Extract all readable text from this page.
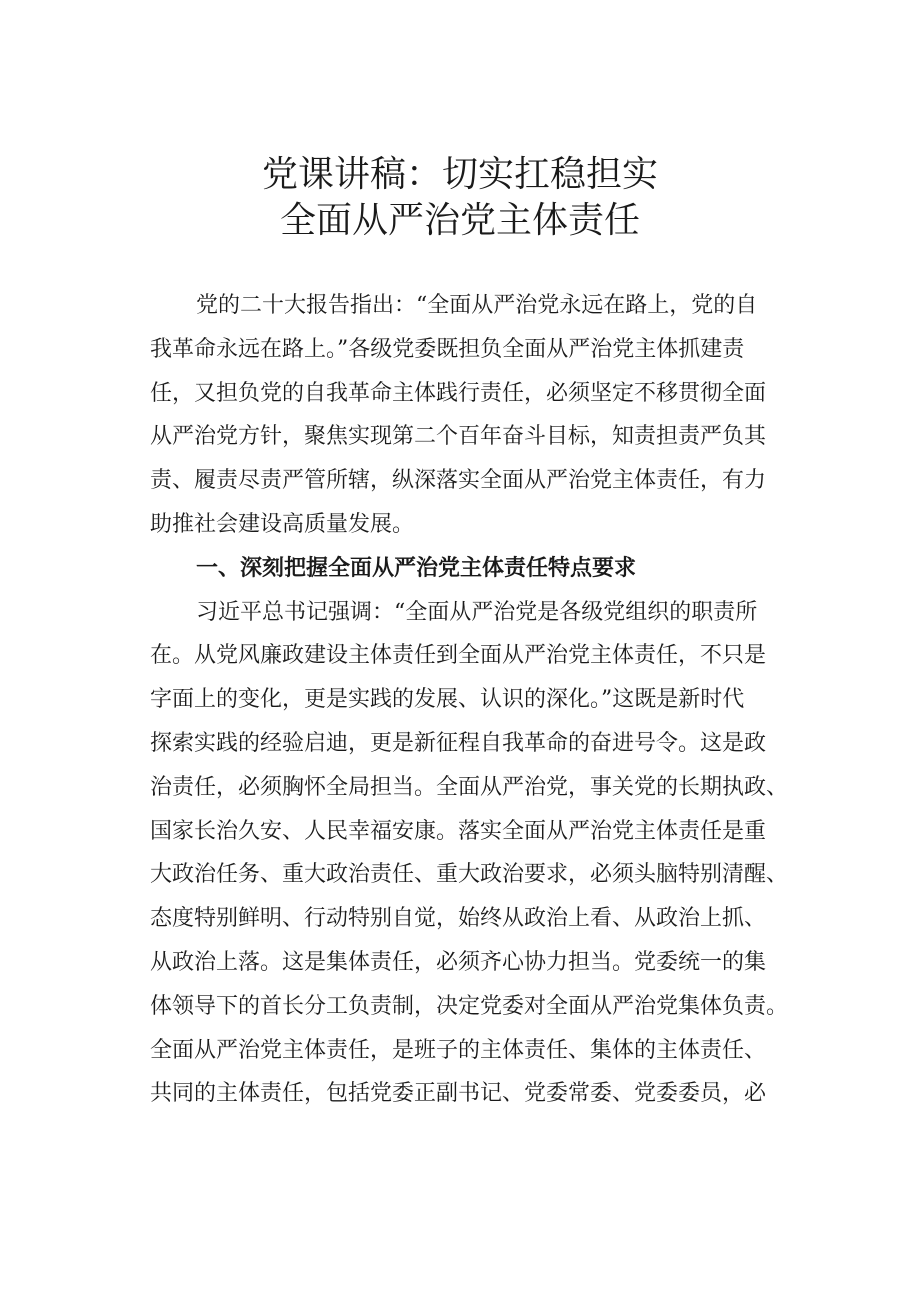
党课讲稿：切实扛稳担实
全面从严治党主体责任
党的二十大报告指出：“全面从严治党永远在路上，党的自
我革命永远在路上。”各级党委既担负全面从严治党主体抓建责
任，又担负党的自我革命主体践行责任，必须坚定不移贯彻全面
从严治党方针，聚焦实现第二个百年奋斗目标，知责担责严负其
责、履责尽责严管所辖，纵深落实全面从严治党主体责任，有力
助推社会建设高质量发展。
一、深刻把握全面从严治党主体责任特点要求
习近平总书记强调：“全面从严治党是各级党组织的职责所
在。从党风廉政建设主体责任到全面从严治党主体责任，不只是
字面上的变化，更是实践的发展、认识的深化。”这既是新时代
探索实践的经验启迪，更是新征程自我革命的奋进号令。这是政
治责任，必须胸怀全局担当。全面从严治党，事关党的长期执政、
国家长治久安、人民幸福安康。落实全面从严治党主体责任是重
大政治任务、重大政治责任、重大政治要求，必须头脑特别清醒、
态度特别鲜明、行动特别自觉，始终从政治上看、从政治上抓、
从政治上落。这是集体责任，必须齐心协力担当。党委统一的集
体领导下的首长分工负责制，决定党委对全面从严治党集体负责。
全面从严治党主体责任，是班子的主体责任、集体的主体责任、
共同的主体责任，包括党委正副书记、党委常委、党委委员，必
